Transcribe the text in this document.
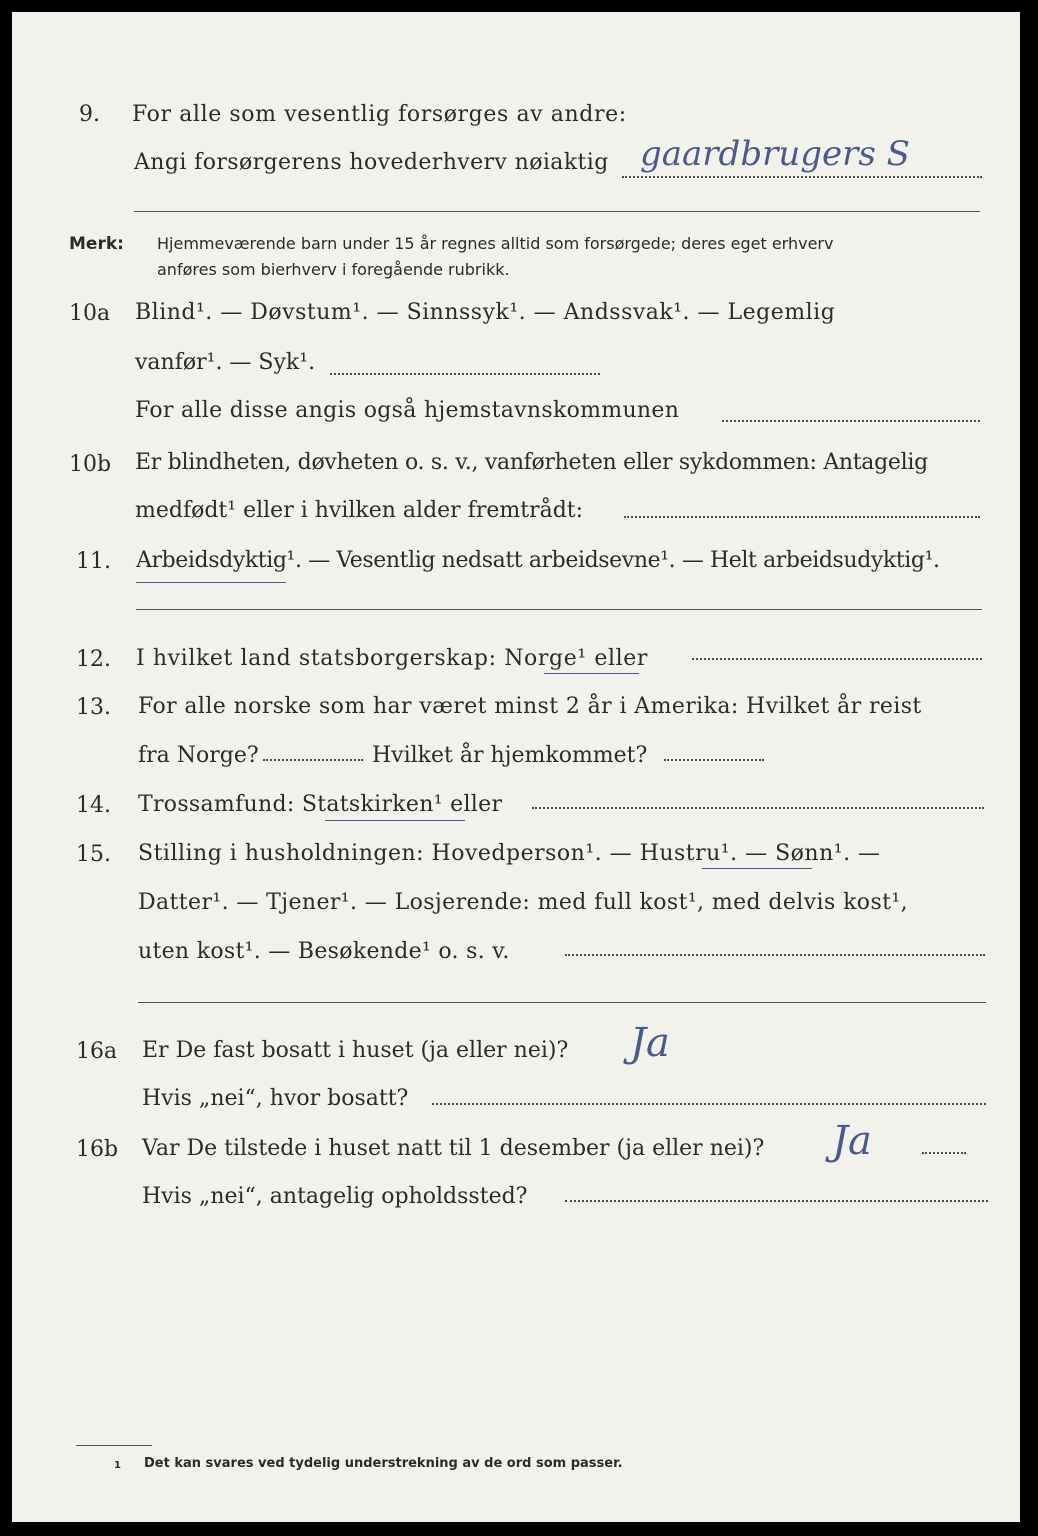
9. For alle som vesentlig forsørges av andre:
Angi forsørgerens hovederhverv nøiaktig gaardbrugers S
Merk: Hjemmeværende barn under 15 år regnes alltid som forsørgede; deres eget erhverv
anføres som bierhverv i foregående rubrikk.
10a Blind¹. — Døvstum¹. — Sinnssyk¹. — Andssvak¹. — Legemlig
vanfør¹. — Syk¹.
For alle disse angis også hjemstavnskommunen
10b Er blindheten, døvheten o. s. v., vanførheten eller sykdommen: Antagelig
medfødt¹ eller i hvilken alder fremtrådt:
11. Arbeidsdyktig¹. — Vesentlig nedsatt arbeidsevne¹. — Helt arbeidsudyktig¹.
12. I hvilket land statsborgerskap: Norge¹ eller
13. For alle norske som har været minst 2 år i Amerika: Hvilket år reist
fra Norge?	Hvilket år hjemkommet?
14. Trossamfund: Statskirken¹ eller
15. Stilling i husholdningen: Hovedperson¹. — Hustru¹. — Sønn¹. —
Datter¹. — Tjener¹. — Losjerende: med full kost¹, med delvis kost¹,
uten kost¹. — Besøkende¹ o. s. v.
16a Er De fast bosatt i huset (ja eller nei)? Ja
Hvis „nei“, hvor bosatt?
16b Var De tilstede i huset natt til 1 desember (ja eller nei)? Ja
Hvis „nei“, antagelig opholdssted?
1 Det kan svares ved tydelig understrekning av de ord som passer.
